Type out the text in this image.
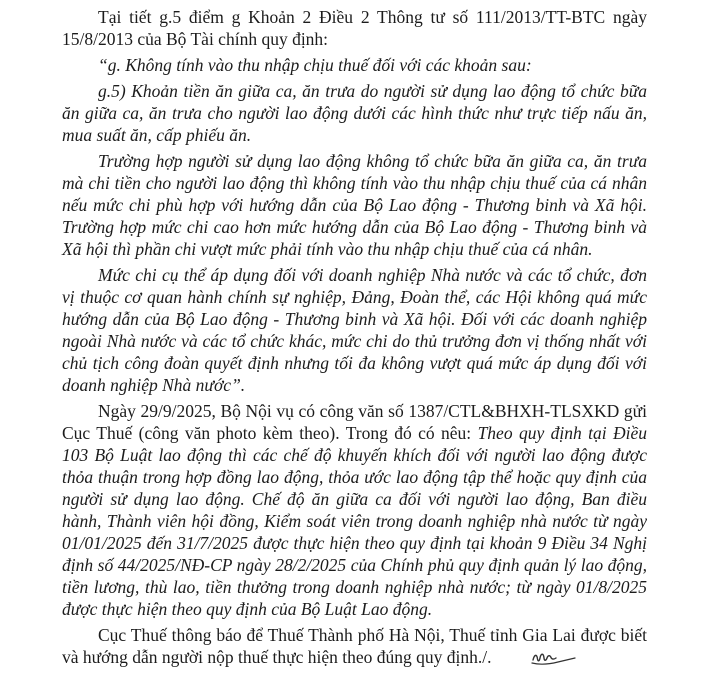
Tại tiết g.5 điểm g Khoản 2 Điều 2 Thông tư số 111/2013/TT-BTC ngày 15/8/2013 của Bộ Tài chính quy định:

“g. Không tính vào thu nhập chịu thuế đối với các khoản sau:

g.5) Khoản tiền ăn giữa ca, ăn trưa do người sử dụng lao động tổ chức bữa ăn giữa ca, ăn trưa cho người lao động dưới các hình thức như trực tiếp nấu ăn, mua suất ăn, cấp phiếu ăn.

Trường hợp người sử dụng lao động không tổ chức bữa ăn giữa ca, ăn trưa mà chi tiền cho người lao động thì không tính vào thu nhập chịu thuế của cá nhân nếu mức chi phù hợp với hướng dẫn của Bộ Lao động - Thương binh và Xã hội. Trường hợp mức chi cao hơn mức hướng dẫn của Bộ Lao động - Thương binh và Xã hội thì phần chi vượt mức phải tính vào thu nhập chịu thuế của cá nhân.

Mức chi cụ thể áp dụng đối với doanh nghiệp Nhà nước và các tổ chức, đơn vị thuộc cơ quan hành chính sự nghiệp, Đảng, Đoàn thể, các Hội không quá mức hướng dẫn của Bộ Lao động - Thương binh và Xã hội. Đối với các doanh nghiệp ngoài Nhà nước và các tổ chức khác, mức chi do thủ trưởng đơn vị thống nhất với chủ tịch công đoàn quyết định nhưng tối đa không vượt quá mức áp dụng đối với doanh nghiệp Nhà nước”.

Ngày 29/9/2025, Bộ Nội vụ có công văn số 1387/CTL&BHXH-TLSXKD gửi Cục Thuế (công văn photo kèm theo). Trong đó có nêu: Theo quy định tại Điều 103 Bộ Luật lao động thì các chế độ khuyến khích đối với người lao động được thỏa thuận trong hợp đồng lao động, thỏa ước lao động tập thể hoặc quy định của người sử dụng lao động. Chế độ ăn giữa ca đối với người lao động, Ban điều hành, Thành viên hội đồng, Kiểm soát viên trong doanh nghiệp nhà nước từ ngày 01/01/2025 đến 31/7/2025 được thực hiện theo quy định tại khoản 9 Điều 34 Nghị định số 44/2025/NĐ-CP ngày 28/2/2025 của Chính phủ quy định quản lý lao động, tiền lương, thù lao, tiền thưởng trong doanh nghiệp nhà nước; từ ngày 01/8/2025 được thực hiện theo quy định của Bộ Luật Lao động.

Cục Thuế thông báo để Thuế Thành phố Hà Nội, Thuế tỉnh Gia Lai được biết và hướng dẫn người nộp thuế thực hiện theo đúng quy định./.
